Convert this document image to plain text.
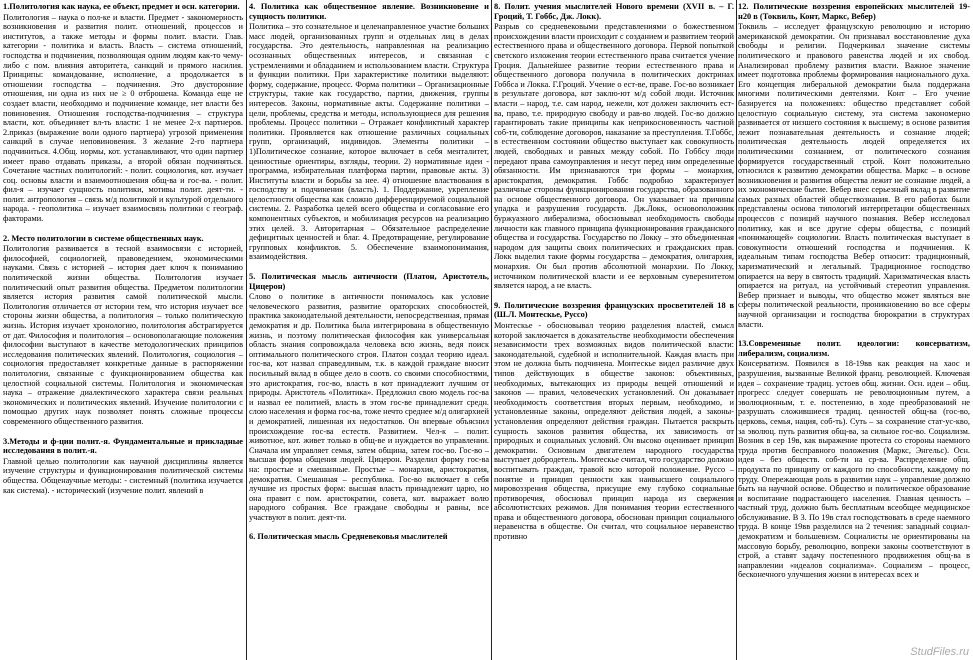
1.Политология как наука, ее объект, предмет и осн. категории.

Политология – наука о пол-ке и власти. Предмет - закономерность возникновения и развития полит. отношений, процессов и институтов, а также методы и формы полит. власти. Глав. категории - политика и власть. Власть – система отношений, господства и подчинения, позволяющая одним людям как-то чему-либо с пом. влияния авторитета, санкций и прямого насилия. Принципы: командование, исполнение, а продолжается в отношении господства – подчинения. Это двусторонние отношения, ни одна из них не ≥ 0 отброшена. Команда еще не создает власти, необходимо и подчинение команде, нет власти без повиновения. Отношения господства-подчинения – структура власти, кот. объединяет вл-ть власти: 1 не менее 2-х партнеров. 2.приказ (выражение воли одного партнера) угрозой применения санкций в случае неповиновения. 3 желание 2-го партнера подчиниться. 4.Общ. нормы, кот. устанавливают, что один партнер имеет право отдавать приказы, а второй обязан подчиняться. Сочетание частных политологий: - полит. социология, кот. изучает соц. основы власти и взаимоотношения общ-ва и гос-ва. - полит. фил-я – изучает сущность политики, мотивы полит. деят-ти. - полит. антропология – связь м/д политикой и культурой отдельного народа. - геополитика – изучает взаимосвязь политики с географ. факторами.

2. Место политологии в системе общественных наук.

Политология развивается в тесной взаимосвязи с историей, философией, социологией, правоведением, экономическими науками. Связь с историей – история дает ключ к пониманию политической жизни общества. Политология изучает политический опыт развития общества. Предметом политологии является история развития самой политической мысли. Политология отличается от истории тем, что история изучает все стороны жизни общества, а политология – только политическую жизнь. История изучает хронологию, политология абстрагируется от дат. Философия и политология – основополагающие положения философии выступают в качестве методологических принципов исследования политических явлений. Политология, социология – социология предоставляет конкретные данные в распоряжении политологии, связанные с функционированием общества как целостной социальной системы. Политология и экономическая наука – отражение диалектического характера связи реальных экономических и политических явлений. Изучение политологии с помощью других наук позволяет понять сложные процессы современного общественного развития.

3.Методы и ф-ции полит.-я. Фундаментальные и прикладные исследования в полит.-я.

Главной целью политологии как научной дисциплины является изучение структуры и функционирования политической системы общества. Общенаучные методы: - системный (политика изучается как система). - исторический (изучение полит. явлений в

4. Политика как общественное явление. Возникновение и сущность политики.

Политика – это сознательное и целенаправленное участие больших масс людей, организованных групп и отдельных лиц в делах государства. Это деятельность, направленная на реализацию осознанных общественных интересов, и связанная с устремлениями и обладанием и использованием власти. Структура и функции политики. При характеристике политики выделяют: форму, содержание, процесс. Форма политики – Организационные структуры, такие как государство, партии, движения, группы интересов. Законы, нормативные акты. Содержание политики – цели, проблемы, средства и методы, использующиеся для решения проблемы. Процесс политики – Отражает конфликтный характер политики. Проявляется как отношение различных социальных групп, организаций, индивидов. Элементы политики – 1)Политическое сознание, которое включает в себя менталитет, ценностные ориентиры, взгляды, теории. 2) нормативные идеи - программа, избирательная платформа партии, правовые акты. 3) Институты власти и борьбы за нее. 4) отношение властвования в господству и подчинении (власть). 1. Поддержание, укрепление целостности общества как сложно дифференцируемой социальной системы. 2. Разработка целей всего общества и согласование его компонентных субъектов, и мобилизация ресурсов на реализацию этих целей. 3. Авторитарная – Обязательное распределение дефицитных ценностей и благ. 4. Предотвращение, регулирование групповых конфликтов. 5. Обеспечение взаимопонимания, взаимодействия.

5. Политическая мысль античности (Платон, Аристотель, Цицерон)

Слово о политике в античности понималось как условие человеческого развития, развитие ораторских способностей, практика законодательной деятельности, непосредственная, прямая демократия и др. Политика была интегрирована в общественную жизнь, и поэтому политическая философия как универсальная область знания сопровождала человека всю жизнь, ведя поиск оптимального политического строя. Платон создал теорию идеал. гос-ва, кот назвал справедливым, т.к. в каждой граждане вносит посильный вклад в общее дело в соотв. со своими способностями, это аристократия, гос-во, власть в кот принадлежит лучшим от природы. Аристотель «Политика». Предложил свою модель гос-ва и назвал ее политией, власть в этом гос-ве принадлежит средн. слою населения и форма гос-ва, тоже нечто среднее м/д олигархией и демократией, лишенная их недостатков. Он впервые объяснил происхождение гос-ва естеств. Развитием. Чел-к – полит. животное, кот. живет только в общ-ве и нуждается во управлении. Сначала им управляет семья, затем община, затем гос-во. Гос-во – высшая форма общения людей. Цицерон. Разделил форму гос-ва на: простые и смешанные. Простые – монархия, аристократия, демократия. Смешанная – республика. Гос-во включает в себя лучшие из простых форм: высшая власть принадлежит царю, но она правит с пом. аристократии, совета, кот. выражает волю народного собрания. Все граждане свободны и равны, все участвуют в полит. деят-ти.

6. Политическая мысль Средневековья мыслителей

8. Полит. учения мыслителей Нового времени (XVII в. – Г. Гроций, Т. Гоббс, Дж. Локк).

Разрыв со средневековыми представлениями о божественном происхождении власти происходит с созданием и развитием теорий естественного права и общественного договора. Первой попыткой светского изложения теории естественного права считается учение Гроция. Дальнейшее развитие теории естественного права и общественного договора получила в политических доктринах Гоббса и Локка. Г.Гроций. Учение о ест-ве, праве. Гос-во возникает в результате договора, кот заклю-ют м/д собой люди. Источник власти – народ, т.е. сам народ, нежели, кот должен заключить ест-ва, право, т.е. природную свободу и рав-во людей. Гос-во должно гарантировать такие принципы как неприкосновенность частной соб-ти, соблюдение договоров, наказание за преступления. Т.Гоббс, в естественном состоянии общество выступает как совокупность людей, свободных и равных между собой. По Гоббсу люди передают права самоуправления и несут перед ним определенные обязанности. Им признаваются три формы – монархия, аристократия, демократия. Гоббс подробно характеризует различные стороны функционирования государства, образованного на основе общественного договора. Он указывает на причины упадка и разрушения государств. Дж.Локк, основоположник буржуазного либерализма, обосновывал необходимость свободы личности как главного принципа функционирования гражданского общества и государства. Государство по Локку – это объединенная народом для защиты своих политических и гражданских прав. Локк выделил такие формы государства – демократия, олигархия, монархия. Он был против абсолютной монархии. По Локку, источником политической власти и ее верховным суверенитетом является народ, а не власть.

9. Политические воззрения французских просветителей 18 в (Ш.Л. Монтескье, Руссо)

Монтескье - обосновывал теорию разделения властей, смысл которой заключается в доказательстве необходимости обеспечения независимости трех возможных видов политической власти: законодательной, судебной и исполнительной. Каждая власть при этом не должна быть подчинена. Монтескье видел различие двух типов действующих в обществе законов: объективных, необходимых, вытекающих из природы вещей отношений и законов — правил, человеческих установлений. Он доказывает необходимость соответствия вторых первым, необходимо, и установленные законы, определяют действия людей, а законы-установления определяют действия граждан. Пытается раскрыть сущность законов развития общества, их зависимость от природных и социальных условий. Он высоко оценивает принцип демократии. Основным двигателем народного государства выступает добродетель. Монтескье считал, что государство должно воспитывать граждан, травой всю которой положение. Руссо – понятие и принцип ценности как наивысшего социального мировоззрения общества, присущие ему глубоко социальные противоречия, обосновал принцип народа из свержения абсолютистских режимов. Для понимания теории естественного права и общественного договора, обоснован принцип социального неравенства в обществе. Он считал, что социальное неравенство противно

12. Политические воззрения европейских мыслителей 19-н20 в (Токвиль, Конт, Маркс, Вебер)

Токвиль – исследует французскую революцию и историю американской демократии. Он признавал восстановление духа свободы и религии. Подчеркивал значение системы политического и правового равенства людей и их свобод. Анализировал проблему развития власти. Важное значение имеет подготовка проблемы формирования национального духа. Его концепция либеральной демократии была поддержана многими политическими деятелями. Конт – Его учение базируется на положениях: общество представляет собой целостную социальную систему, эта система закономерно развивается от низшего состояния к высшему; в основе развития лежит познавательная деятельность и сознание людей; политическая деятельность людей определяется их политическими сознанием, от политического сознания формируется государственный строй. Конт положительно относился к развитию демократии общества. Маркс – в основе возникновения и развития общества лежит не сознание людей, а их экономические бытие. Вебер внес серьезный вклад в развитие самых разных областей обществознания. В его работах были представлены основа типологий интерпретации общественных процессов с позиций научного познания. Вебер исследовал политику, как и все другие сферы общества, с позиций «понимающей» социологии. Власть политическая выступает в совокупности отношений господства и подчинения. К идеальным типам господства Вебер относит: традиционный, харизматический и легальный. Традиционное господство опирается на веру в святость традиций. Харизматическая власть опирается на ритуал, на устойчивый стереотип управления. Вебер признает и выводы, что общество может являться вне сферы политической реальности, проникновению во все сферы научной организации и господства бюрократии в структурах власти.

13.Современные полит. идеологии: консерватизм, либерализм, социализм.

Консерватизм. Появился в 18-19вв как реакция на хаос и разрушения, вызванные Великой франц. революцией. Ключевая идея – сохранение традиц. устоев общ. жизни. Осн. идеи – общ. прогресс следует совершать не революционным путем, а эволюционным, т. е. постепенно, в ходе преобразований не разрушать сложившиеся традиц. ценностей общ-ва (гос-во, церковь, семья, нация, соб-ть). Суть – за сохранение стат-ус-кво, за эволюц. путь развития общ-ва, за сильное гос-во. Социализм. Возник в сер 19в, как выражение протеста со стороны наемного труда против бесправного положения (Маркс, Энгельс). Осн. идея – без обществ. соб-ти на ср-ва. Распределение общ. продукта по принципу от каждого по способности, каждому по труду. Опережающая роль в развитии наук – управление должно быть на научной основе. Общество и политическое образование и воспитание подрастающего населения. Главная ценность – частный труд, должно быть бесплатным всеобщее медицинское обслуживание. В 3. По 19в стал господствовать в среде наемного труда. В конце 19вв разделился на 2 течения: западный социал-демократизм и большевизм. Социалисты не ориентированы на массовую борьбу, революцию, вопреки законы соответствуют в строй, а ставят задачу постепенного продвижения общ-ва в направлении «идеалов социализма». Социализм – процесс, бесконечного улучшения жизни в интересах всех и

StudFiles.ru
